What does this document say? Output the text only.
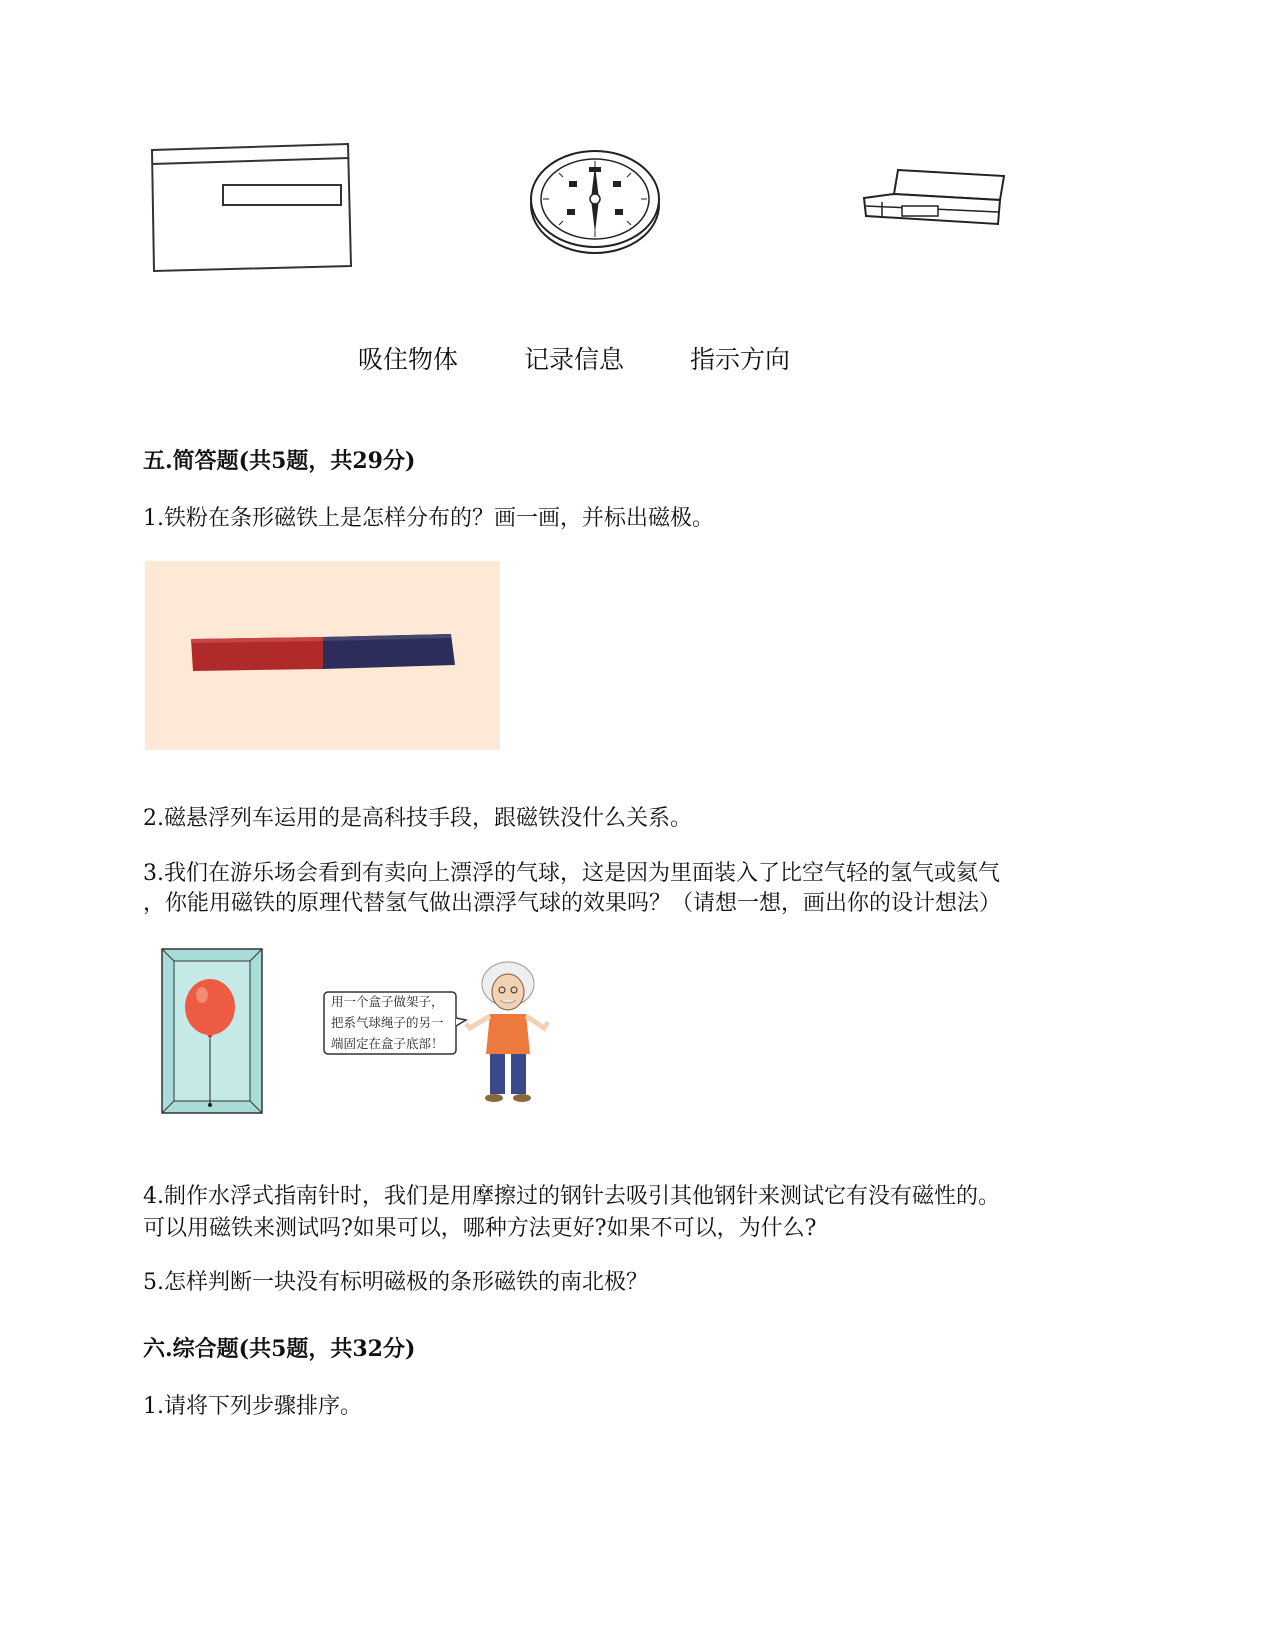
吸住物体	记录信息	指示方向
五.简答题(共5题，共29分)
1.铁粉在条形磁铁上是怎样分布的？画一画，并标出磁极。
2.磁悬浮列车运用的是高科技手段，跟磁铁没什么关系。
3.我们在游乐场会看到有卖向上漂浮的气球，这是因为里面装入了比空气轻的氢气或氦气
，你能用磁铁的原理代替氢气做出漂浮气球的效果吗？（请想一想，画出你的设计想法）
用一个盒子做架子，
把系气球绳子的另一
端固定在盒子底部！
4.制作水浮式指南针时，我们是用摩擦过的钢针去吸引其他钢针来测试它有没有磁性的。
可以用磁铁来测试吗?如果可以，哪种方法更好?如果不可以，为什么?
5.怎样判断一块没有标明磁极的条形磁铁的南北极？
六.综合题(共5题，共32分)
1.请将下列步骤排序。
